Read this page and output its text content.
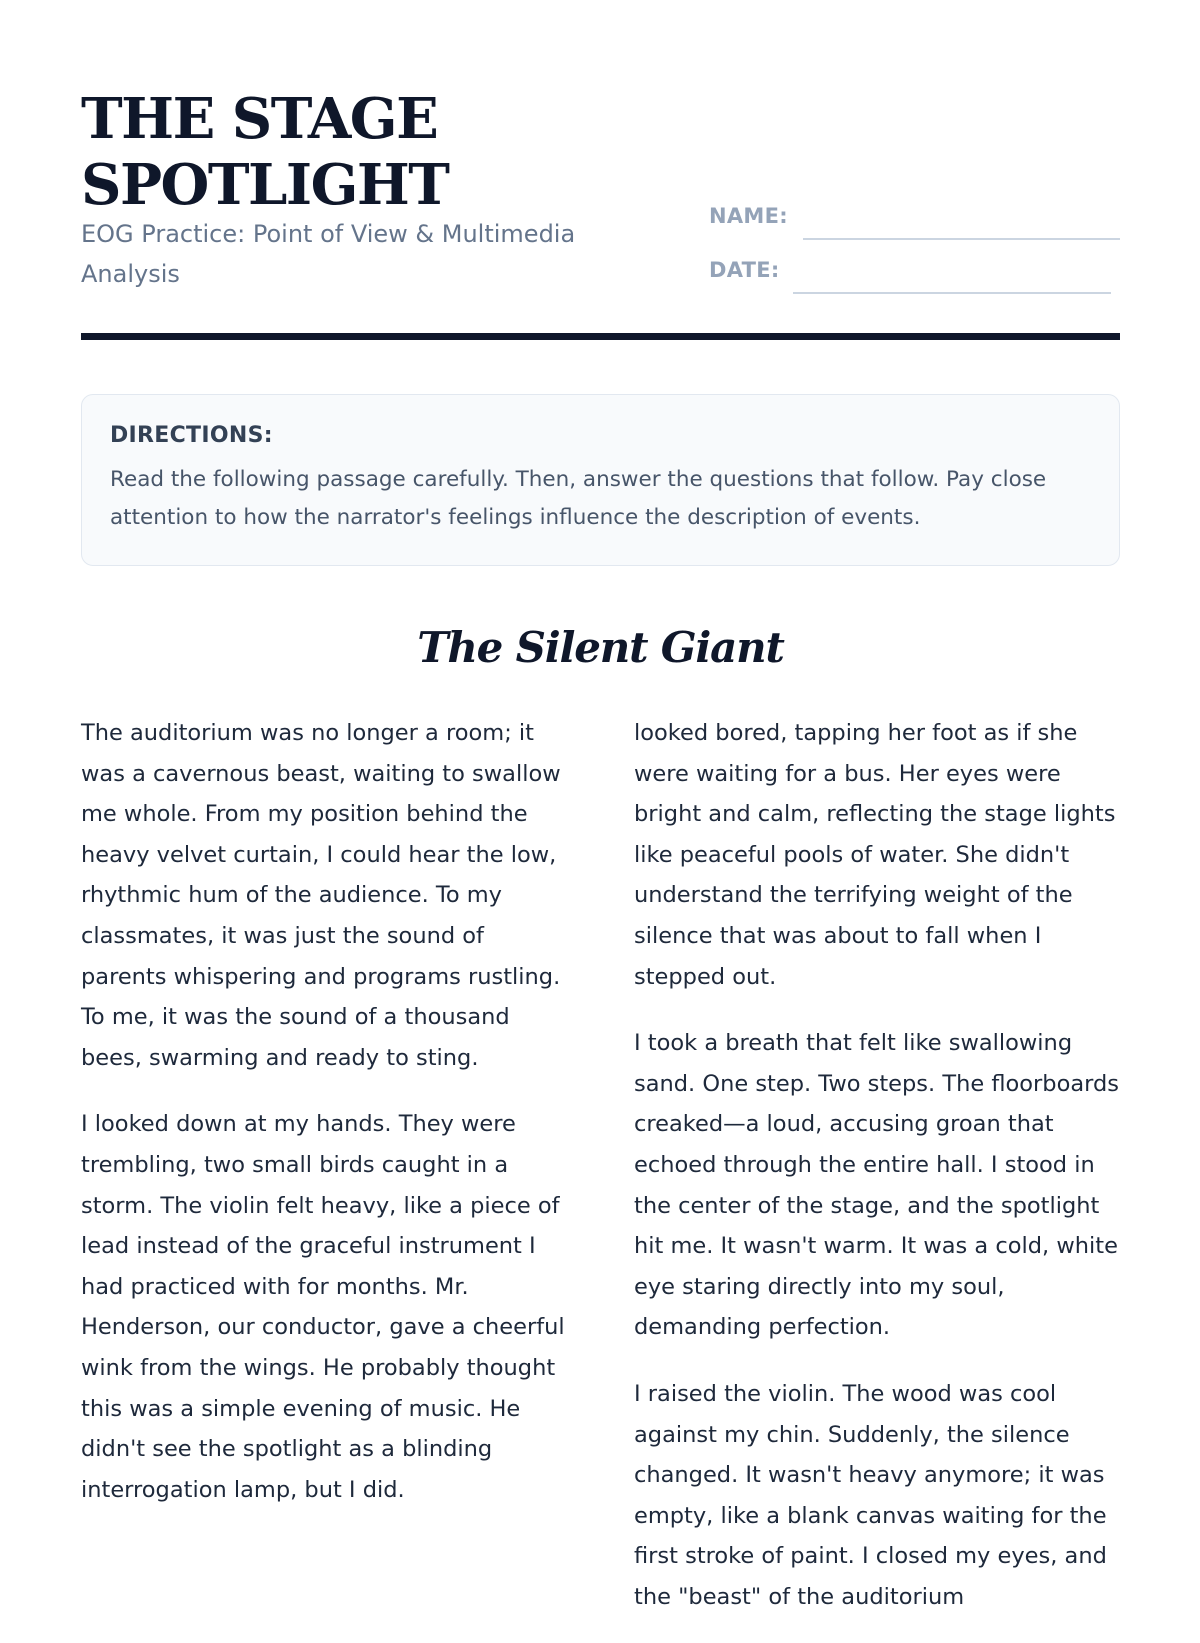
THE STAGE
SPOTLIGHT

EOG Practice: Point of View & Multimedia Analysis

NAME:
DATE:
DIRECTIONS:
Read the following passage carefully. Then, answer the questions that follow. Pay close attention to how the narrator's feelings influence the description of events.
The Silent Giant

The auditorium was no longer a room; it was a cavernous beast, waiting to swallow me whole. From my position behind the heavy velvet curtain, I could hear the low, rhythmic hum of the audience. To my classmates, it was just the sound of parents whispering and programs rustling. To me, it was the sound of a thousand bees, swarming and ready to sting.

I looked down at my hands. They were trembling, two small birds caught in a storm. The violin felt heavy, like a piece of lead instead of the graceful instrument I had practiced with for months. Mr. Henderson, our conductor, gave a cheerful wink from the wings. He probably thought this was a simple evening of music. He didn't see the spotlight as a blinding interrogation lamp, but I did.

looked bored, tapping her foot as if she were waiting for a bus. Her eyes were bright and calm, reflecting the stage lights like peaceful pools of water. She didn't understand the terrifying weight of the silence that was about to fall when I stepped out.

I took a breath that felt like swallowing sand. One step. Two steps. The floorboards creaked—a loud, accusing groan that echoed through the entire hall. I stood in the center of the stage, and the spotlight hit me. It wasn't warm. It was a cold, white eye staring directly into my soul, demanding perfection.

I raised the violin. The wood was cool against my chin. Suddenly, the silence changed. It wasn't heavy anymore; it was empty, like a blank canvas waiting for the first stroke of paint. I closed my eyes, and the "beast" of the auditorium
